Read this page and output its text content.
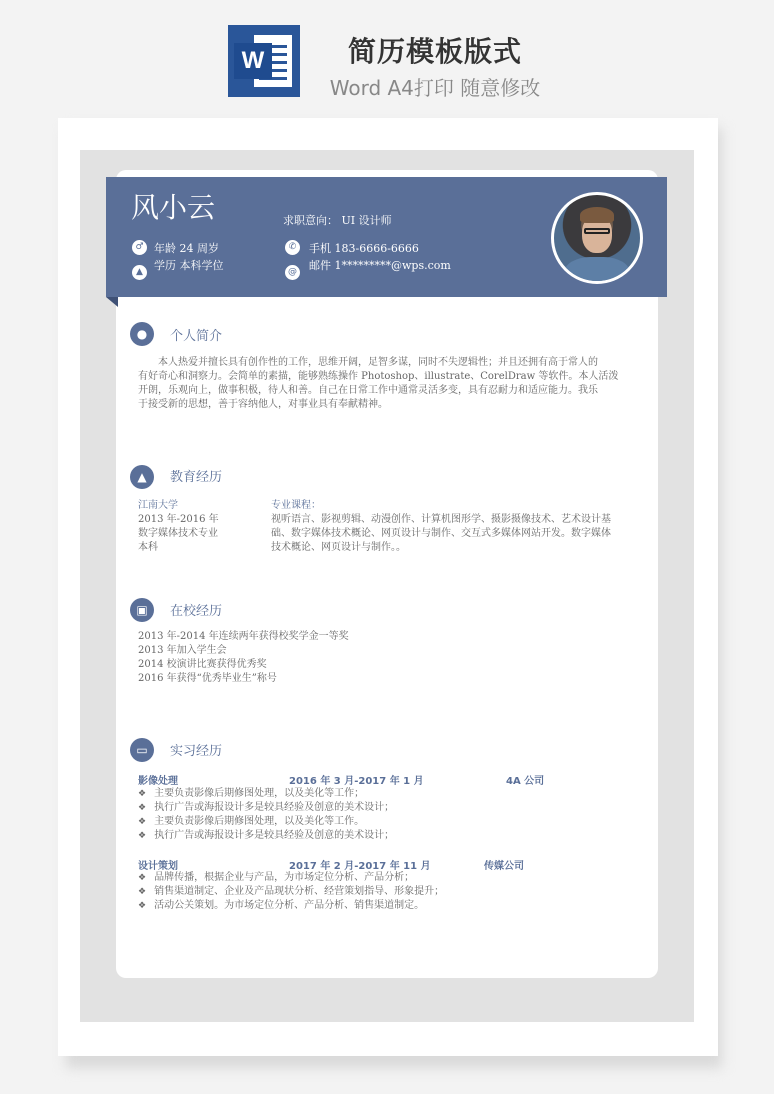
W	简历模板版式
Word A4打印 随意修改
风小云	求职意向： UI 设计师
♂ 年龄 24 周岁
▲	学历 本科学位
✆	手机 183-6666-6666
@ 邮件 1*********@wps.com
●	个人简介
本人热爱并擅长具有创作性的工作，思维开阔，足智多谋，同时不失逻辑性；并且还拥有高于常人的
有好奇心和洞察力。会简单的素描，能够熟练操作 Photoshop、illustrate、CorelDraw 等软件。本人活泼
开朗，乐观向上，做事积极，待人和善。自己在日常工作中通常灵活多变，具有忍耐力和适应能力。我乐
于接受新的思想，善于容纳他人，对事业具有奉献精神。
▲	教育经历
江南大学
2013 年-2016 年
数字媒体技术专业
本科
专业课程：
视听语言、影视剪辑、动漫创作、计算机图形学、摄影摄像技术、艺术设计基
础、数字媒体技术概论、网页设计与制作、交互式多媒体网站开发。数字媒体
技术概论、网页设计与制作。。
▣	在校经历
2013 年-2014 年连续两年获得校奖学金一等奖
2013 年加入学生会
2014 校演讲比赛获得优秀奖
2016 年获得“优秀毕业生”称号
▭	实习经历
影像处理	2016 年 3 月-2017 年 1 月	4A 公司
❖ 主要负责影像后期修图处理，以及美化等工作；
❖ 执行广告或海报设计多是较具经验及创意的美术设计；
❖ 主要负责影像后期修图处理，以及美化等工作。
❖ 执行广告或海报设计多是较具经验及创意的美术设计；
设计策划	2017 年 2 月-2017 年 11 月	传媒公司
❖ 品牌传播，根据企业与产品，为市场定位分析、产品分析；
❖ 销售渠道制定、企业及产品现状分析、经营策划指导、形象提升；
❖ 活动公关策划。为市场定位分析、产品分析、销售渠道制定。
